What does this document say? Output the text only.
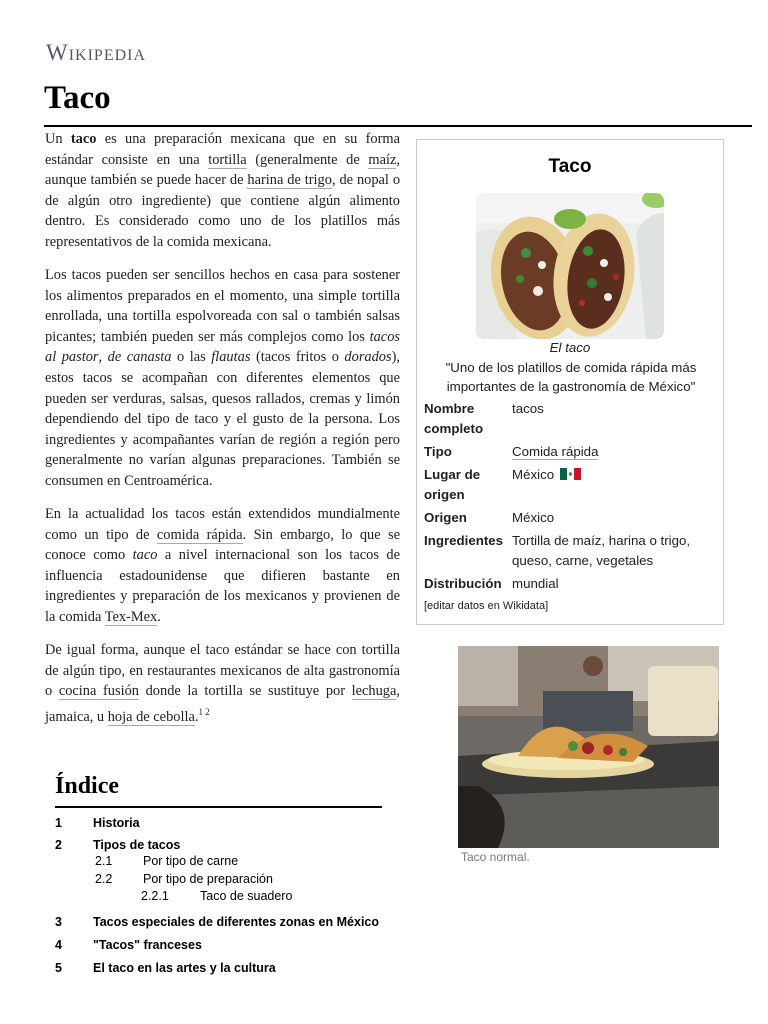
Wikipedia
Taco

Un taco es una preparación mexicana que en su forma estándar consiste en una tortilla (generalmente de maíz, aunque también se puede hacer de harina de trigo, de nopal o de algún otro ingrediente) que contiene algún alimento dentro. Es considerado como uno de los platillos más representativos de la comida mexicana.

Los tacos pueden ser sencillos hechos en casa para sostener los alimentos preparados en el momento, una simple tortilla enrollada, una tortilla espolvoreada con sal o también salsas picantes; también pueden ser más complejos como los tacos al pastor, de canasta o las flautas (tacos fritos o dorados), estos tacos se acompañan con diferentes elementos que pueden ser verduras, salsas, quesos rallados, cremas y limón dependiendo del tipo de taco y el gusto de la persona. Los ingredientes y acompañantes varían de región a región pero generalmente no varían algunas preparaciones. También se consumen en Centroamérica.

En la actualidad los tacos están extendidos mundialmente como un tipo de comida rápida. Sin embargo, lo que se conoce como taco a nivel internacional son los tacos de influencia estadounidense que difieren bastante en ingredientes y preparación de los mexicanos y provienen de la comida Tex-Mex.

De igual forma, aunque el taco estándar se hace con tortilla de algún tipo, en restaurantes mexicanos de alta gastronomía o cocina fusión donde la tortilla se sustituye por lechuga, jamaica, u hoja de cebolla.$^{1 2}$

Taco
El taco
"Uno de los platillos de comida rápida más importantes de la gastronomía de México"
Nombre completo	tacos
Tipo	Comida rápida
Lugar de origen	México
Origen	México
Ingredientes	Tortilla de maíz, harina o trigo, queso, carne, vegetales
Distribución	mundial
[editar datos en Wikidata]
Taco normal.
Índice
1 Historia
2 Tipos de tacos
2.1 Por tipo de carne
2.2 Por tipo de preparación
2.2.1 Taco de suadero
3 Tacos especiales de diferentes zonas en México
4 "Tacos" franceses
5 El taco en las artes y la cultura
